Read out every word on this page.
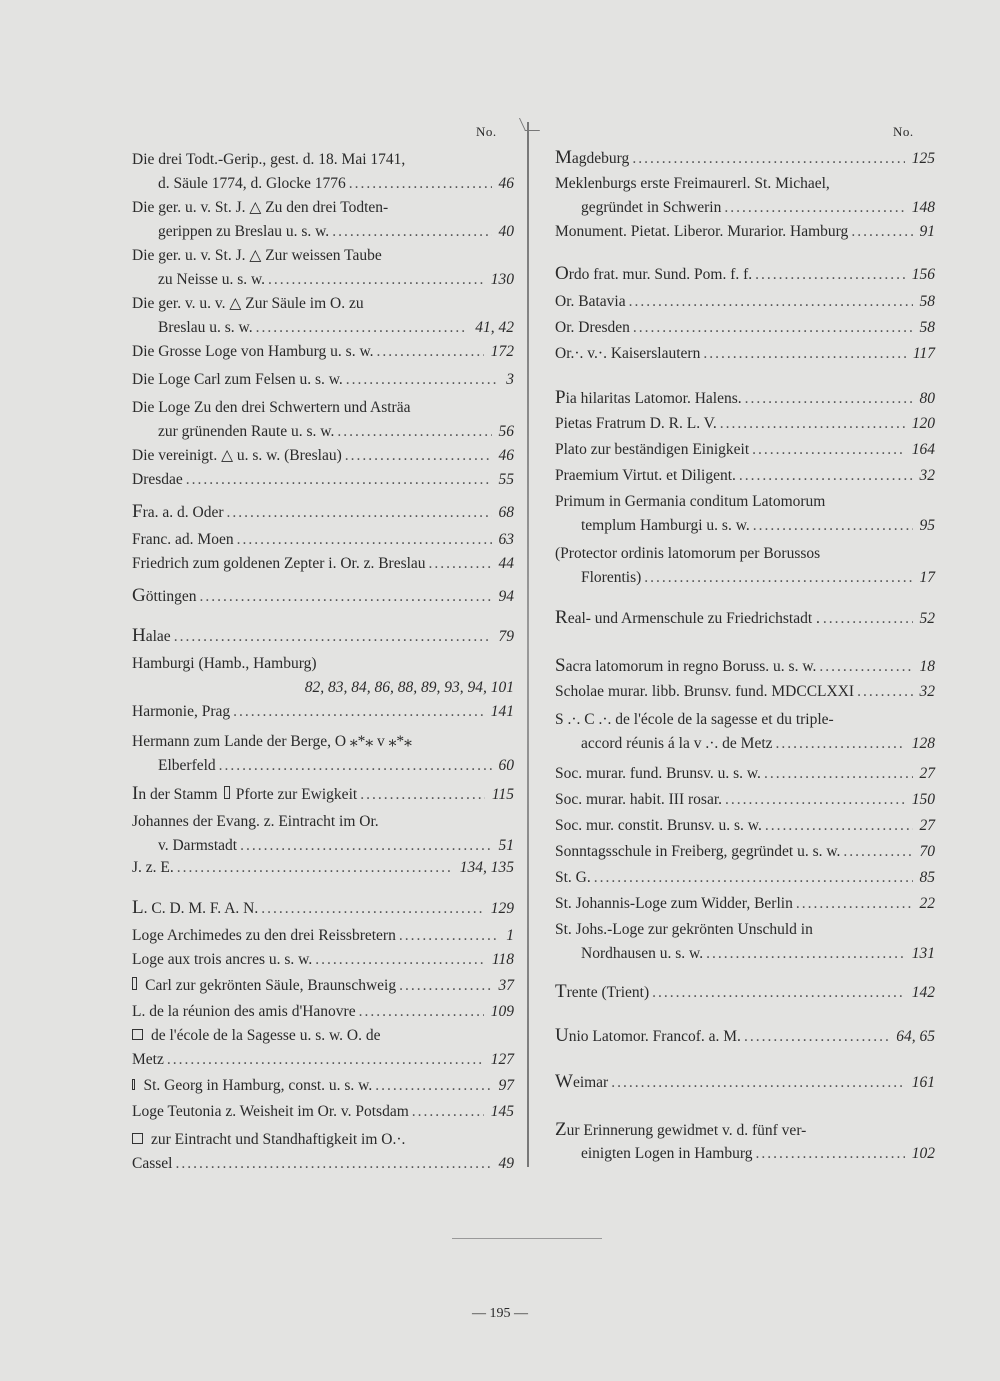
No.
Die drei Todt.-Gerip., gest. d. 18. Mai 1741,
d. Säule 1774, d. Glocke 1776 .....	46
Die ger. u. v. St. J. △ Zu den drei Todten-
gerippen zu Breslau u. s. w. .....	40
Die ger. u. v. St. J. △ Zur weissen Taube
zu Neisse u. s. w. .....	130
Die ger. v. u. v. △ Zur Säule im O. zu
Breslau u. s. w. .....	41, 42
Die Grosse Loge von Hamburg u. s. w. .....	172
Die Loge Carl zum Felsen u. s. w. .....	3
Die Loge Zu den drei Schwertern und Asträa
zur grünenden Raute u. s. w. .....	56
Die vereinigt. △ u. s. w. (Breslau) .....	46
Dresdae .....	55
F ra. a. d. Oder .....	68
Franc. ad. Moen .....	63
Friedrich zum goldenen Zepter i. Or. z. Breslau .....	44
G öttingen .....	94
H alae .....	79
Hamburgi (Hamb., Hamburg)
82, 83, 84, 86, 88, 89, 93, 94, 101
Harmonie, Prag .....	141
Hermann zum Lande der Berge, O ⁎*⁎ v ⁎*⁎
Elberfeld .....	60
I n der Stamm Pforte zur Ewigkeit .....	115
Johannes der Evang. z. Eintracht im Or.
v. Darmstadt .....	51
J. z. E. .....	134, 135
L . C. D. M. F. A. N. .....	129
Loge Archimedes zu den drei Reissbretern .....	1
Loge aux trois ancres u. s. w. .....	118
Carl zur gekrönten Säule, Braunschweig .....	37
L. de la réunion des amis d'Hanovre .....	109
de l'école de la Sagesse u. s. w. O. de
Metz .....	127
St. Georg in Hamburg, const. u. s. w. .....	97
Loge Teutonia z. Weisheit im Or. v. Potsdam .....	145
zur Eintracht und Standhaftigkeit im O.·.
Cassel .....	49
No.
M agdeburg .....	125
Meklenburgs erste Freimaurerl. St. Michael,
gegründet in Schwerin .....	148
Monument. Pietat. Liberor. Murarior. Hamburg .....	91
O rdo frat. mur. Sund. Pom. f. f. .....	156
Or. Batavia .....	58
Or. Dresden .....	58
Or.·. v.·. Kaiserslautern .....	117
P ia hilaritas Latomor. Halens. .....	80
Pietas Fratrum D. R. L. V. .....	120
Plato zur beständigen Einigkeit .....	164
Praemium Virtut. et Diligent. .....	32
Primum in Germania conditum Latomorum
templum Hamburgi u. s. w. .....	95
(Protector ordinis latomorum per Borussos
Florentis) .....	17
R eal- und Armenschule zu Friedrichstadt . .....	52
S acra latomorum in regno Boruss. u. s. w. .....	18
Scholae murar. libb. Brunsv. fund. MDCCLXXI .....	32
S .·. C .·. de l'école de la sagesse et du triple-
accord réunis á la v .·. de Metz .....	128
Soc. murar. fund. Brunsv. u. s. w. .....	27
Soc. murar. habit. III rosar. .....	150
Soc. mur. constit. Brunsv. u. s. w. .....	27
Sonntagsschule in Freiberg, gegründet u. s. w. .....	70
St. G. .....	85
St. Johannis-Loge zum Widder, Berlin .....	22
St. Johs.-Loge zur gekrönten Unschuld in
Nordhausen u. s. w. .....	131
T rente (Trient) .....	142
U nio Latomor. Francof. a. M. .....	64, 65
W eimar .....	161
Z ur Erinnerung gewidmet v. d. fünf ver-
einigten Logen in Hamburg .....	102
— 195 —
